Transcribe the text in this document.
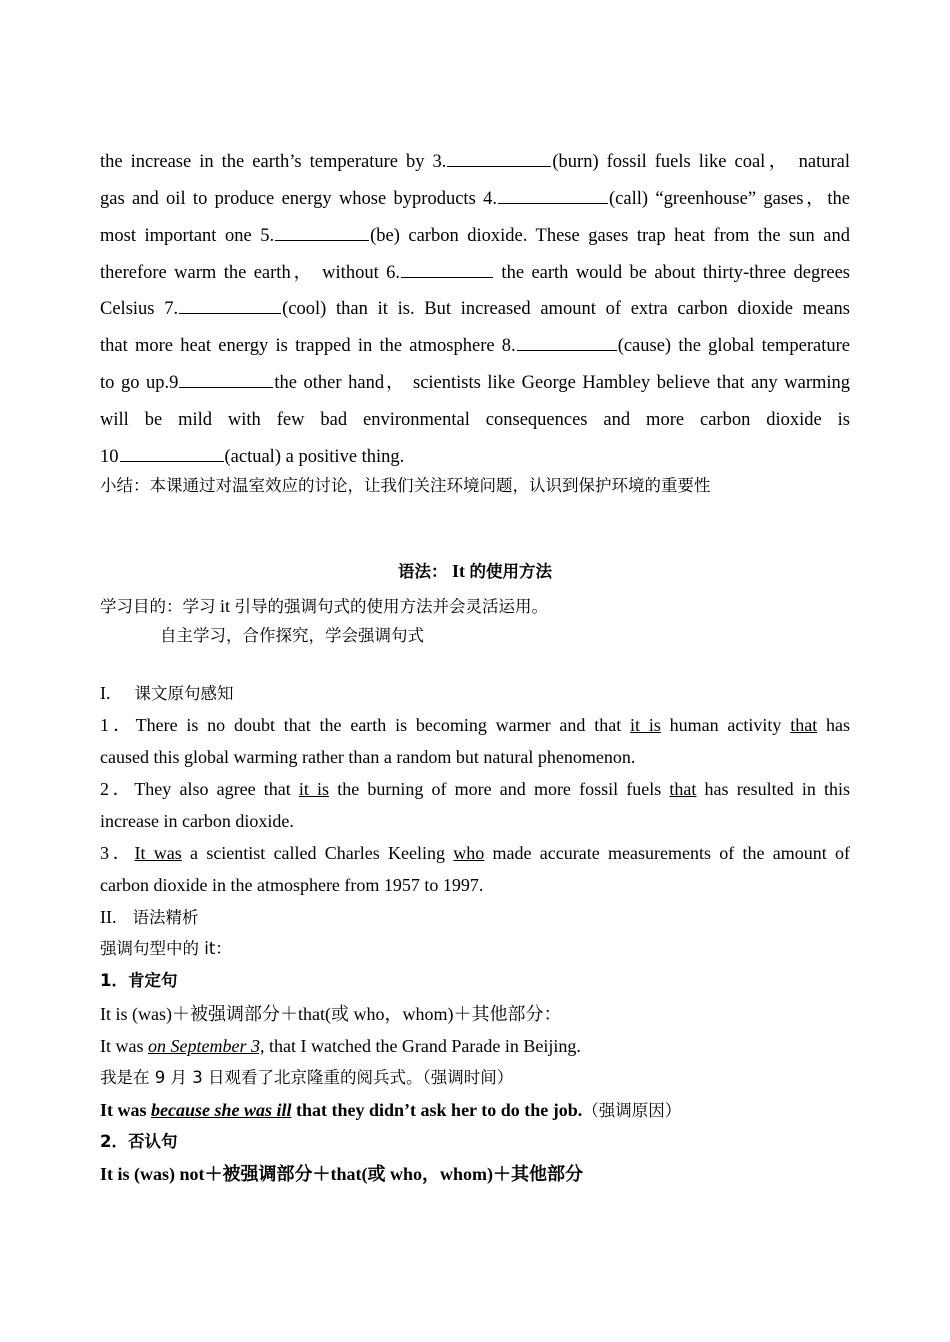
the increase in the earth’s temperature by 3.	(burn) fossil fuels like coal， natural
gas and oil to produce energy whose byproducts 4.	(call) “greenhouse” gases，the
most important one 5.	(be) carbon dioxide. These gases trap heat from the sun and
therefore warm the earth， without 6.	the earth would be about thirty-three degrees
Celsius 7.	(cool) than it is. But increased amount of extra carbon dioxide means
that more heat energy is trapped in the atmosphere 8.	(cause) the global temperature
to go up.9	the other hand， scientists like George Hambley believe that any warming
will be mild with few bad environmental consequences and more carbon dioxide is
10	(actual) a positive thing.
小结：本课通过对温室效应的讨论，让我们关注环境问题，认识到保护环境的重要性
语法： It 的使用方法
学习目的：学习 it 引导的强调句式的使用方法并会灵活运用。
自主学习，合作探究，学会强调句式
I. 课文原句感知
1．There is no doubt that the earth is becoming warmer and that it is human activity that has
caused this global warming rather than a random but natural phenomenon.
2．They also agree that it is the burning of more and more fossil fuels that has resulted in this
increase in carbon dioxide.
3．It was a scientist called Charles Keeling who made accurate measurements of the amount of
carbon dioxide in the atmosphere from 1957 to 1997.
II. 语法精析
强调句型中的 it：
1．肯定句
It is (was)＋被强调部分＋that(或 who，whom)＋其他部分：
It was on September 3, that I watched the Grand Parade in Beijing.
我是在 9 月 3 日观看了北京隆重的阅兵式。（强调时间）
It was because she was ill that they didn’t ask her to do the job.（强调原因）
2．否认句
It is (was) not＋被强调部分＋that(或 who，whom)＋其他部分
